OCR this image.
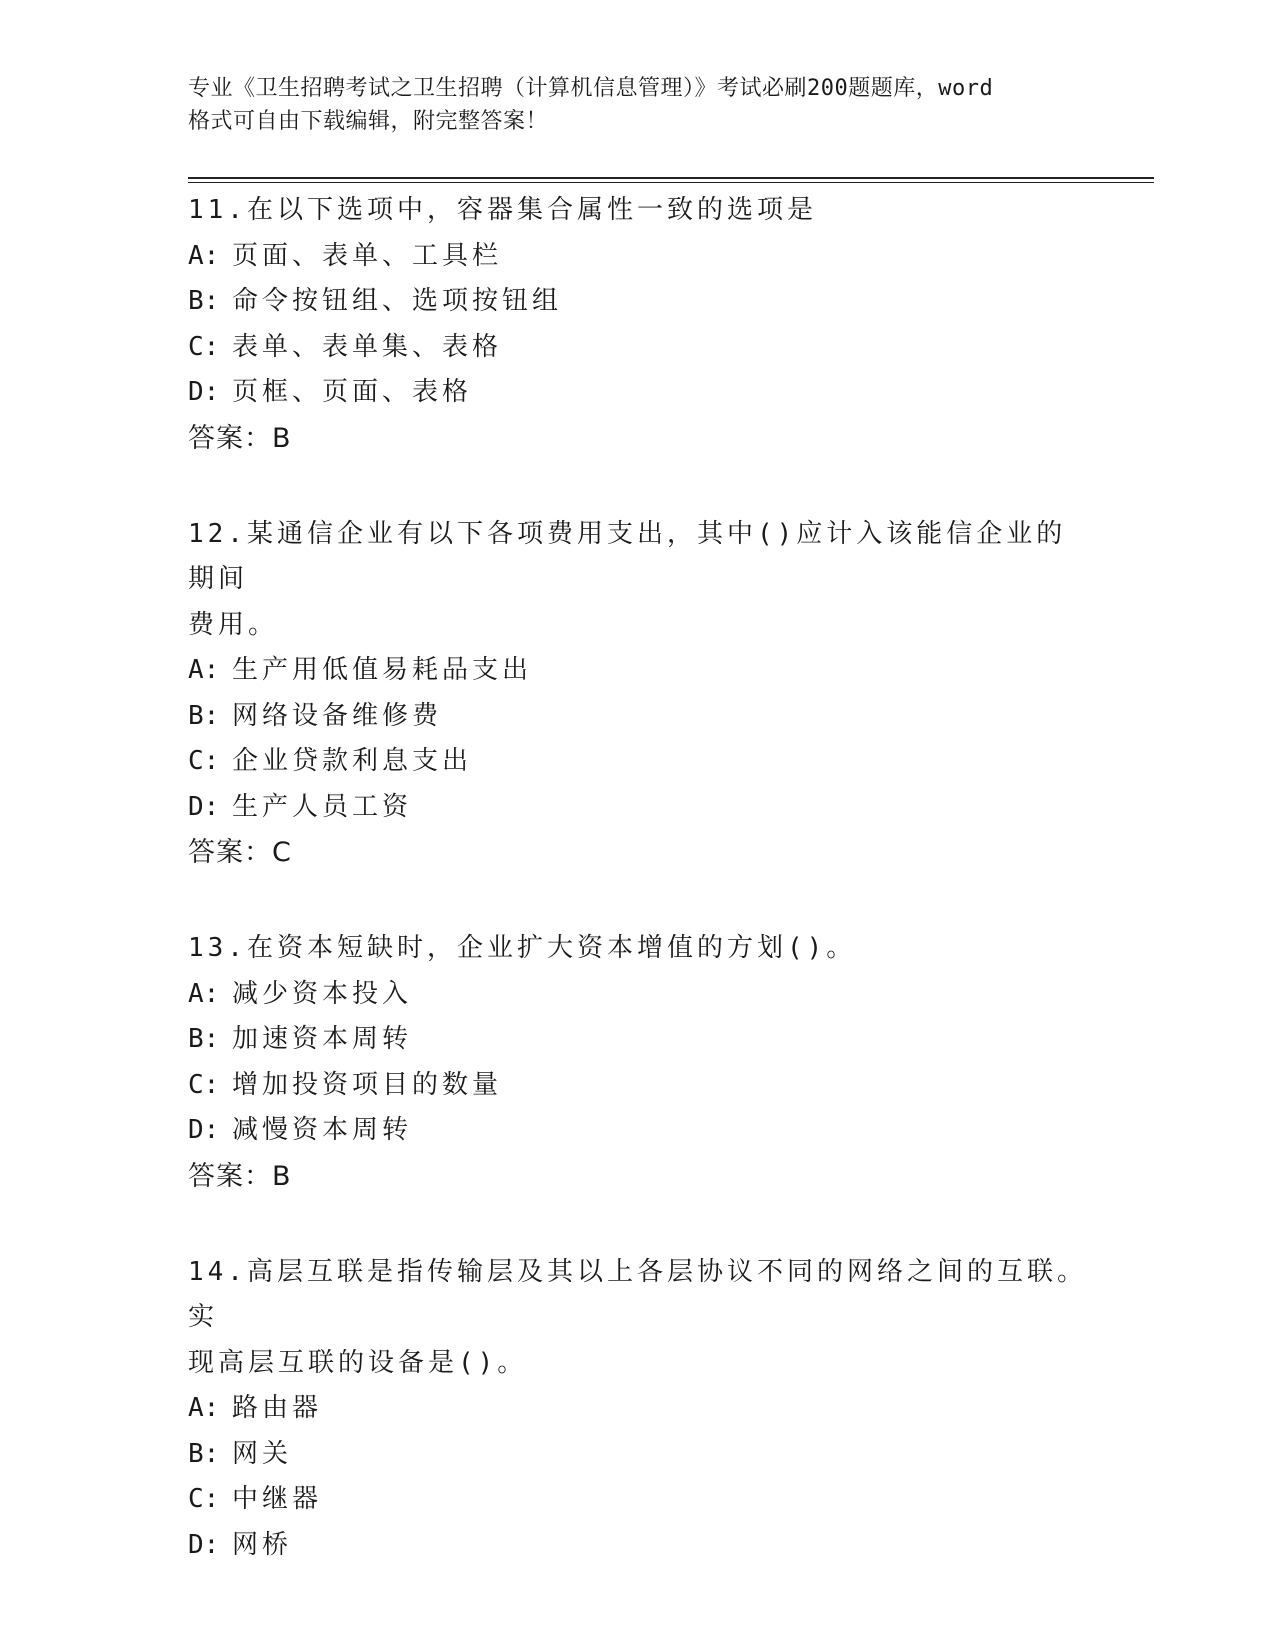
专业《卫生招聘考试之卫生招聘（计算机信息管理）》考试必刷200题题库，word
格式可自由下载编辑，附完整答案！

11.在以下选项中，容器集合属性一致的选项是

A: 页面、表单、工具栏

B: 命令按钮组、选项按钮组

C: 表单、表单集、表格

D: 页框、页面、表格

答案：B

12.某通信企业有以下各项费用支出，其中()应计入该能信企业的期间

费用。

A: 生产用低值易耗品支出

B: 网络设备维修费

C: 企业贷款利息支出

D: 生产人员工资

答案：C

13.在资本短缺时，企业扩大资本增值的方划()。

A: 减少资本投入

B: 加速资本周转

C: 增加投资项目的数量

D: 减慢资本周转

答案：B

14.高层互联是指传输层及其以上各层协议不同的网络之间的互联。实

现高层互联的设备是()。

A: 路由器

B: 网关

C: 中继器

D: 网桥
